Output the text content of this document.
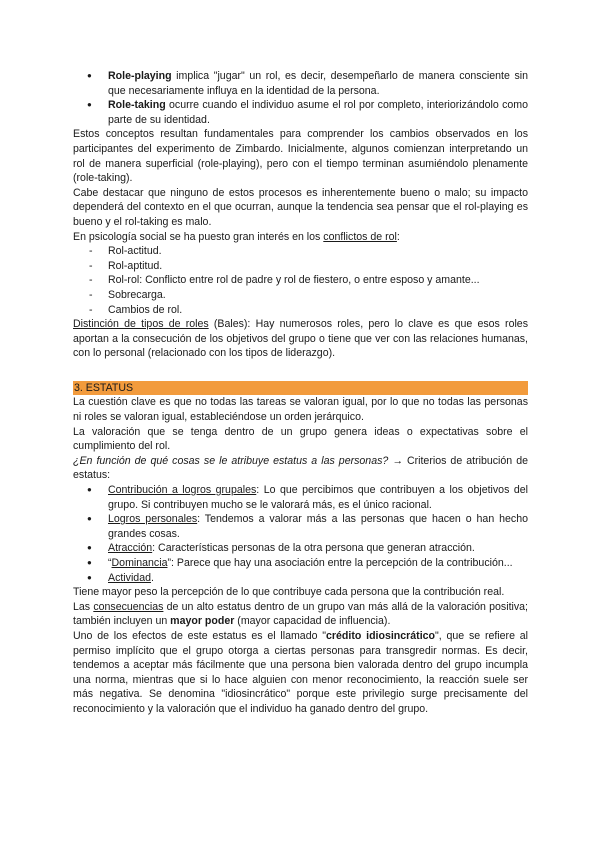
● Role-playing implica "jugar" un rol, es decir, desempeñarlo de manera consciente sin que necesariamente influya en la identidad de la persona.
● Role-taking ocurre cuando el individuo asume el rol por completo, interiorizándolo como parte de su identidad.

Estos conceptos resultan fundamentales para comprender los cambios observados en los participantes del experimento de Zimbardo. Inicialmente, algunos comienzan interpretando un rol de manera superficial (role-playing), pero con el tiempo terminan asumiéndolo plenamente (role-taking).

Cabe destacar que ninguno de estos procesos es inherentemente bueno o malo; su impacto dependerá del contexto en el que ocurran, aunque la tendencia sea pensar que el rol-playing es bueno y el rol-taking es malo.

En psicología social se ha puesto gran interés en los conflictos de rol:

- Rol-actitud.
- Rol-aptitud.
- Rol-rol: Conflicto entre rol de padre y rol de fiestero, o entre esposo y amante...
- Sobrecarga.
- Cambios de rol.

Distinción de tipos de roles (Bales): Hay numerosos roles, pero lo clave es que esos roles aportan a la consecución de los objetivos del grupo o tiene que ver con las relaciones humanas, con lo personal (relacionado con los tipos de liderazgo).

3. ESTATUS

La cuestión clave es que no todas las tareas se valoran igual, por lo que no todas las personas ni roles se valoran igual, estableciéndose un orden jerárquico.

La valoración que se tenga dentro de un grupo genera ideas o expectativas sobre el cumplimiento del rol.

¿En función de qué cosas se le atribuye estatus a las personas? → Criterios de atribución de estatus:

● Contribución a logros grupales: Lo que percibimos que contribuyen a los objetivos del grupo. Si contribuyen mucho se le valorará más, es el único racional.
● Logros personales: Tendemos a valorar más a las personas que hacen o han hecho grandes cosas.
● Atracción: Características personas de la otra persona que generan atracción.
● “Dominancia”: Parece que hay una asociación entre la percepción de la contribución...
● Actividad.

Tiene mayor peso la percepción de lo que contribuye cada persona que la contribución real.

Las consecuencias de un alto estatus dentro de un grupo van más allá de la valoración positiva; también incluyen un mayor poder (mayor capacidad de influencia).

Uno de los efectos de este estatus es el llamado "crédito idiosincrático", que se refiere al permiso implícito que el grupo otorga a ciertas personas para transgredir normas. Es decir, tendemos a aceptar más fácilmente que una persona bien valorada dentro del grupo incumpla una norma, mientras que si lo hace alguien con menor reconocimiento, la reacción suele ser más negativa. Se denomina "idiosincrático" porque este privilegio surge precisamente del reconocimiento y la valoración que el individuo ha ganado dentro del grupo.
